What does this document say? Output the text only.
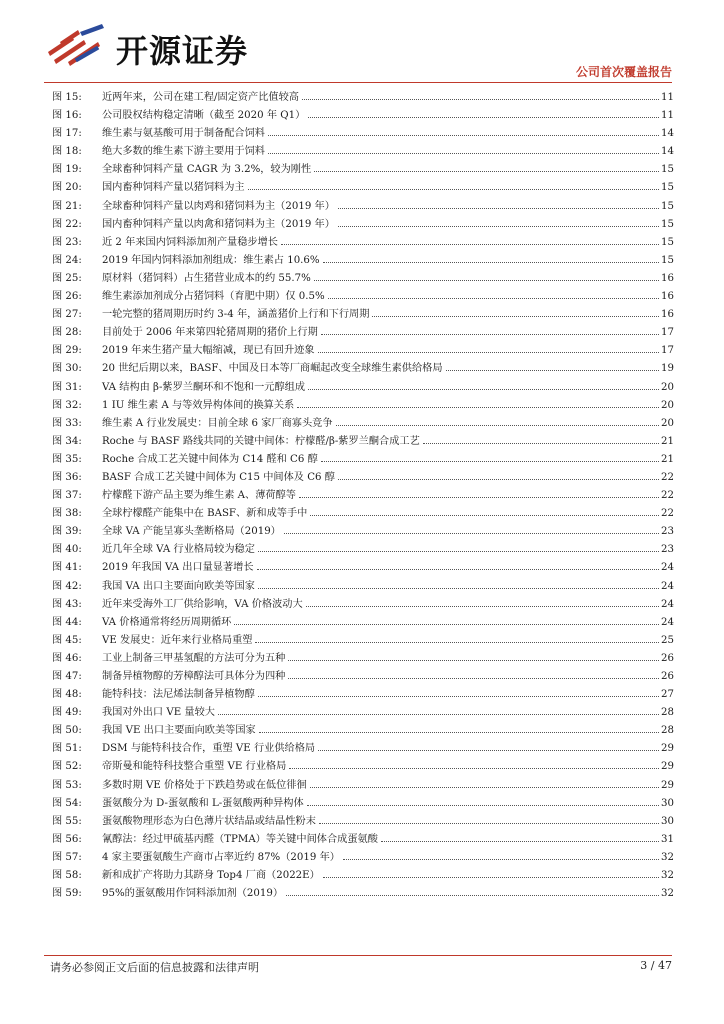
开源证券
公司首次覆盖报告
图 15:	近两年来，公司在建工程/固定资产比值较高	11
图 16:	公司股权结构稳定清晰（截至 2020 年 Q1）	11
图 17:	维生素与氨基酸可用于制备配合饲料	14
图 18:	绝大多数的维生素下游主要用于饲料	14
图 19:	全球畜种饲料产量 CAGR 为 3.2%，较为刚性	15
图 20:	国内畜种饲料产量以猪饲料为主	15
图 21:	全球畜种饲料产量以肉鸡和猪饲料为主（2019 年）	15
图 22:	国内畜种饲料产量以肉禽和猪饲料为主（2019 年）	15
图 23:	近 2 年来国内饲料添加剂产量稳步增长	15
图 24:	2019 年国内饲料添加剂组成：维生素占 10.6%	15
图 25:	原材料（猪饲料）占生猪营业成本的约 55.7%	16
图 26:	维生素添加剂成分占猪饲料（育肥中期）仅 0.5%	16
图 27:	一轮完整的猪周期历时约 3-4 年，涵盖猪价上行和下行周期	16
图 28:	目前处于 2006 年来第四轮猪周期的猪价上行期	17
图 29:	2019 年来生猪产量大幅缩减，现已有回升迹象	17
图 30:	20 世纪后期以来，BASF、中国及日本等厂商崛起改变全球维生素供给格局	19
图 31:	VA 结构由 β-紫罗兰酮环和不饱和一元醇组成	20
图 32:	1 IU 维生素 A 与等效异构体间的换算关系	20
图 33:	维生素 A 行业发展史：目前全球 6 家厂商寡头竞争	20
图 34:	Roche 与 BASF 路线共同的关键中间体：柠檬醛/β-紫罗兰酮合成工艺	21
图 35:	Roche 合成工艺关键中间体为 C14 醛和 C6 醇	21
图 36:	BASF 合成工艺关键中间体为 C15 中间体及 C6 醇	22
图 37:	柠檬醛下游产品主要为维生素 A、薄荷醇等	22
图 38:	全球柠檬醛产能集中在 BASF、新和成等手中	22
图 39:	全球 VA 产能呈寡头垄断格局（2019）	23
图 40:	近几年全球 VA 行业格局较为稳定	23
图 41:	2019 年我国 VA 出口量显著增长	24
图 42:	我国 VA 出口主要面向欧美等国家	24
图 43:	近年来受海外工厂供给影响，VA 价格波动大	24
图 44:	VA 价格通常将经历周期循环	24
图 45:	VE 发展史：近年来行业格局重塑	25
图 46:	工业上制备三甲基氢醌的方法可分为五种	26
图 47:	制备异植物醇的芳樟醇法可具体分为四种	26
图 48:	能特科技：法尼烯法制备异植物醇	27
图 49:	我国对外出口 VE 量较大	28
图 50:	我国 VE 出口主要面向欧美等国家	28
图 51:	DSM 与能特科技合作，重塑 VE 行业供给格局	29
图 52:	帝斯曼和能特科技整合重塑 VE 行业格局	29
图 53:	多数时期 VE 价格处于下跌趋势或在低位徘徊	29
图 54:	蛋氨酸分为 D-蛋氨酸和 L-蛋氨酸两种异构体	30
图 55:	蛋氨酸物理形态为白色薄片状结晶或结晶性粉末	30
图 56:	氰醇法：经过甲硫基丙醛（TPMA）等关键中间体合成蛋氨酸	31
图 57:	4 家主要蛋氨酸生产商市占率近约 87%（2019 年）	32
图 58:	新和成扩产将助力其跻身 Top4 厂商（2022E）	32
图 59:	95%的蛋氨酸用作饲料添加剂（2019）	32
请务必参阅正文后面的信息披露和法律声明	3 / 47
